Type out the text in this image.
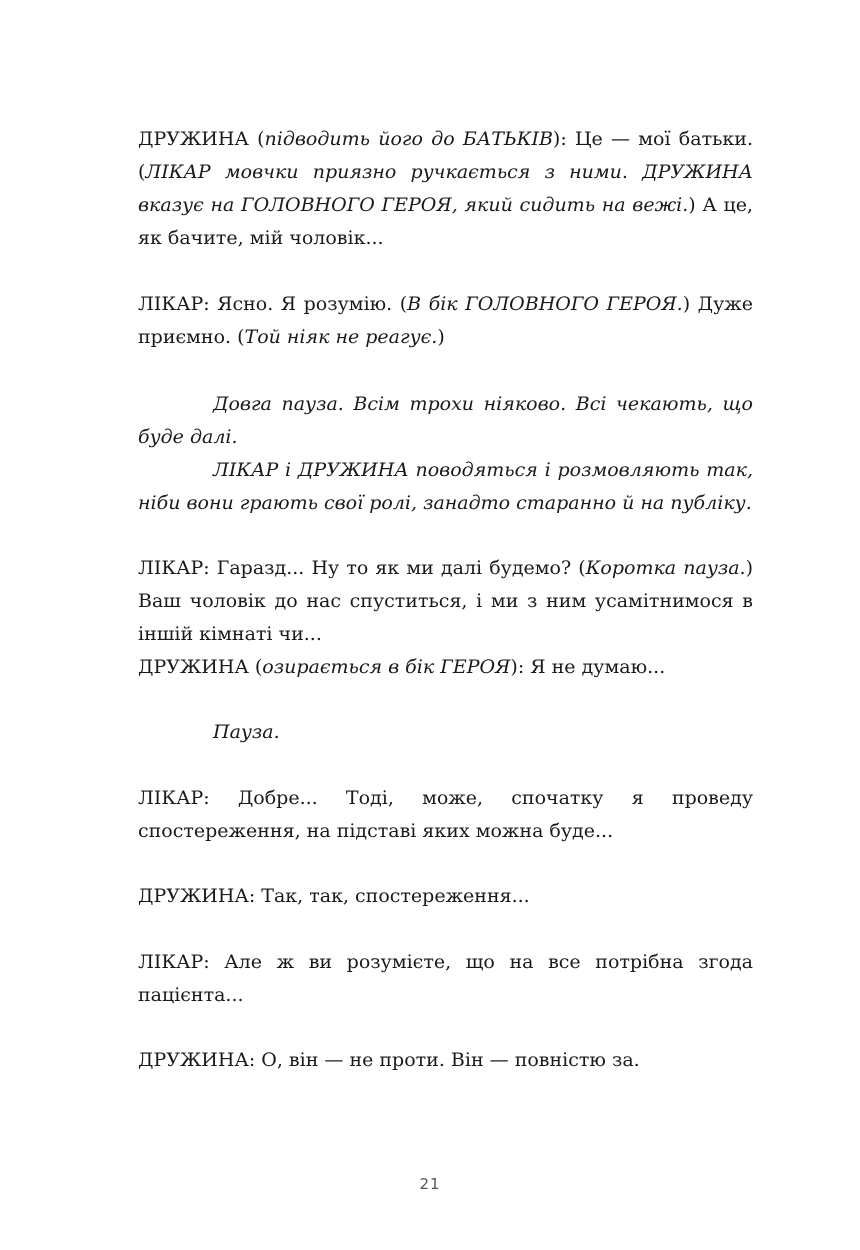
ДРУЖИНА (підводить його до БАТЬКІВ): Це — мої батьки. (ЛІКАР мовчки приязно ручкається з ними. ДРУЖИНА вказує на ГОЛОВНОГО ГЕРОЯ, який сидить на вежі.) А це, як бачите, мій чоловік...

ЛІКАР: Ясно. Я розумію. (В бік ГОЛОВНОГО ГЕРОЯ.) Дуже приємно. (Той ніяк не реагує.)

Довга пауза. Всім трохи ніяково. Всі чекають, що буде далі.

ЛІКАР і ДРУЖИНА поводяться і розмовляють так, ніби вони грають свої ролі, занадто старанно й на публіку.

ЛІКАР: Гаразд... Ну то як ми далі будемо? (Коротка пауза.) Ваш чоловік до нас спуститься, і ми з ним усамітнимося в іншій кімнаті чи...

ДРУЖИНА (озирається в бік ГЕРОЯ): Я не думаю...

Пауза.

ЛІКАР: Добре... Тоді, може, спочатку я проведу спостереження, на підставі яких можна буде...

ДРУЖИНА: Так, так, спостереження...

ЛІКАР: Але ж ви розумієте, що на все потрібна згода пацієнта...

ДРУЖИНА: О, він — не проти. Він — повністю за.

21
